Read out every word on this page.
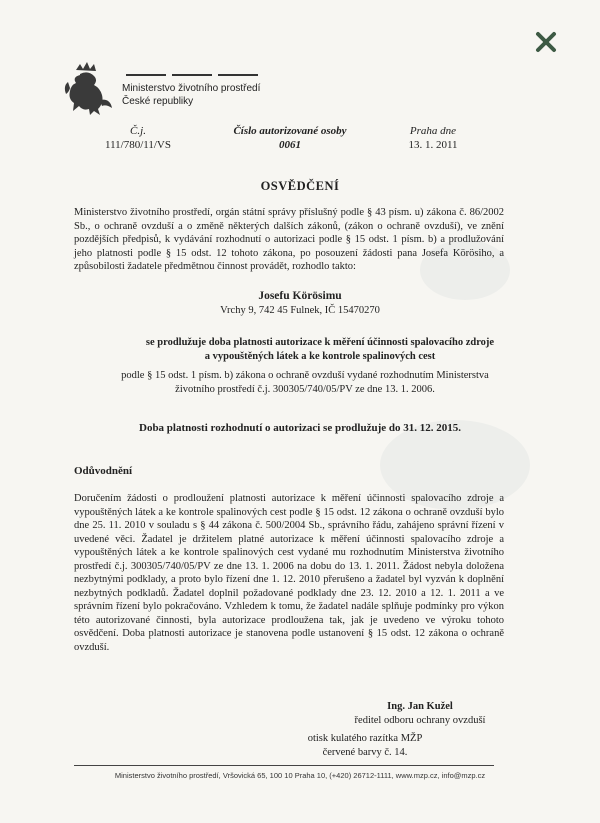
Ministerstvo životního prostředí
České republiky
Č.j.
111/780/11/VS
Číslo autorizované osoby
0061
Praha dne
13. 1. 2011
OSVĚDČENÍ
Ministerstvo životního prostředí, orgán státní správy příslušný podle § 43 písm. u) zákona č. 86/2002 Sb., o ochraně ovzduší a o změně některých dalších zákonů, (zákon o ochraně ovzduší), ve znění pozdějších předpisů, k vydávání rozhodnutí o autorizaci podle § 15 odst. 1 písm. b) a prodlužování jeho platnosti podle § 15 odst. 12 tohoto zákona, po posouzení žádosti pana Josefa Körösiho, a způsobilosti žadatele předmětnou činnost provádět, rozhodlo takto:
Josefu Körösimu
Vrchy 9, 742 45 Fulnek, IČ 15470270
se prodlužuje doba platnosti autorizace k měření účinnosti spalovacího zdroje
a vypouštěných látek a ke kontrole spalinových cest
podle § 15 odst. 1 písm. b) zákona o ochraně ovzduší vydané rozhodnutím Ministerstva
životního prostředí č.j. 300305/740/05/PV ze dne 13. 1. 2006.
Doba platnosti rozhodnutí o autorizaci se prodlužuje do 31. 12. 2015.
Odůvodnění
Doručením žádosti o prodloužení platnosti autorizace k měření účinnosti spalovacího zdroje a vypouštěných látek a ke kontrole spalinových cest podle § 15 odst. 12 zákona o ochraně ovzduší bylo dne 25. 11. 2010 v souladu s § 44 zákona č. 500/2004 Sb., správního řádu, zahájeno správní řízení v uvedené věci. Žadatel je držitelem platné autorizace k měření účinnosti spalovacího zdroje a vypouštěných látek a ke kontrole spalinových cest vydané mu rozhodnutím Ministerstva životního prostředí č.j. 300305/740/05/PV ze dne 13. 1. 2006 na dobu do 13. 1. 2011. Žádost nebyla doložena nezbytnými podklady, a proto bylo řízení dne 1. 12. 2010 přerušeno a žadatel byl vyzván k doplnění nezbytných podkladů. Žadatel doplnil požadované podklady dne 23. 12. 2010 a 12. 1. 2011 a ve správním řízení bylo pokračováno. Vzhledem k tomu, že žadatel nadále splňuje podmínky pro výkon této autorizované činnosti, byla autorizace prodloužena tak, jak je uvedeno ve výroku tohoto osvědčení. Doba platnosti autorizace je stanovena podle ustanovení § 15 odst. 12 zákona o ochraně ovzduší.
Ing. Jan Kužel
ředitel odboru ochrany ovzduší
otisk kulatého razítka MŽP
červené barvy č. 14.
Ministerstvo životního prostředí, Vršovická 65, 100 10 Praha 10, (+420) 26712-1111, www.mzp.cz, info@mzp.cz
